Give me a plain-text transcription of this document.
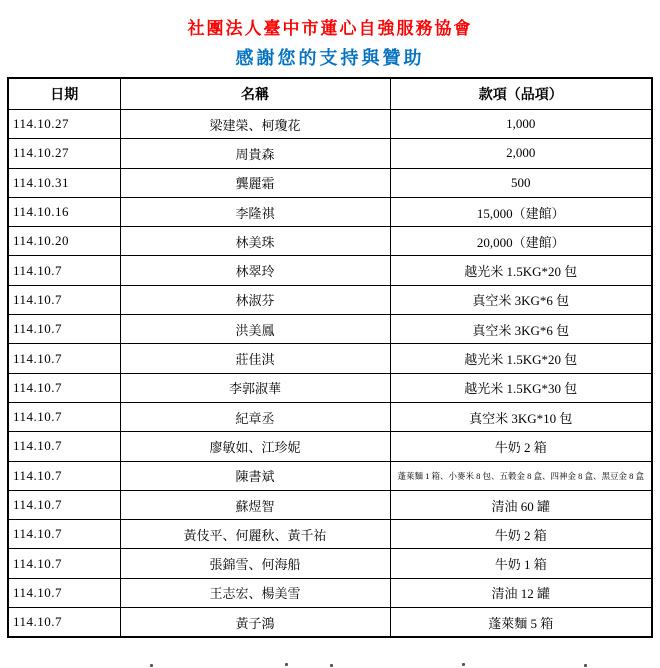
社團法人臺中市蓮心自強服務協會
感謝您的支持與贊助
日期	名稱	款項（品項）
114.10.27	梁建榮、柯瓊花	1,000
114.10.27	周貴森	2,000
114.10.31	龔麗霜	500
114.10.16	李隆祺	15,000（建館）
114.10.20	林美珠	20,000（建館）
114.10.7	林翠玲	越光米 1.5KG*20 包
114.10.7	林淑芬	真空米 3KG*6 包
114.10.7	洪美鳳	真空米 3KG*6 包
114.10.7	莊佳淇	越光米 1.5KG*20 包
114.10.7	李郭淑華	越光米 1.5KG*30 包
114.10.7	紀章丞	真空米 3KG*10 包
114.10.7	廖敏如、江珍妮	牛奶 2 箱
114.10.7	陳書斌	蓬萊麵 1 箱、小麥米 8 包、五穀金 8 盒、四神金 8 盒、黑豆金 8 盒
114.10.7	蘇煜智	清油 60 罐
114.10.7	黃伎平、何麗秋、黃千祐	牛奶 2 箱
114.10.7	張錦雪、何海船	牛奶 1 箱
114.10.7	王志宏、楊美雪	清油 12 罐
114.10.7	黃子鴻	蓬萊麵 5 箱
